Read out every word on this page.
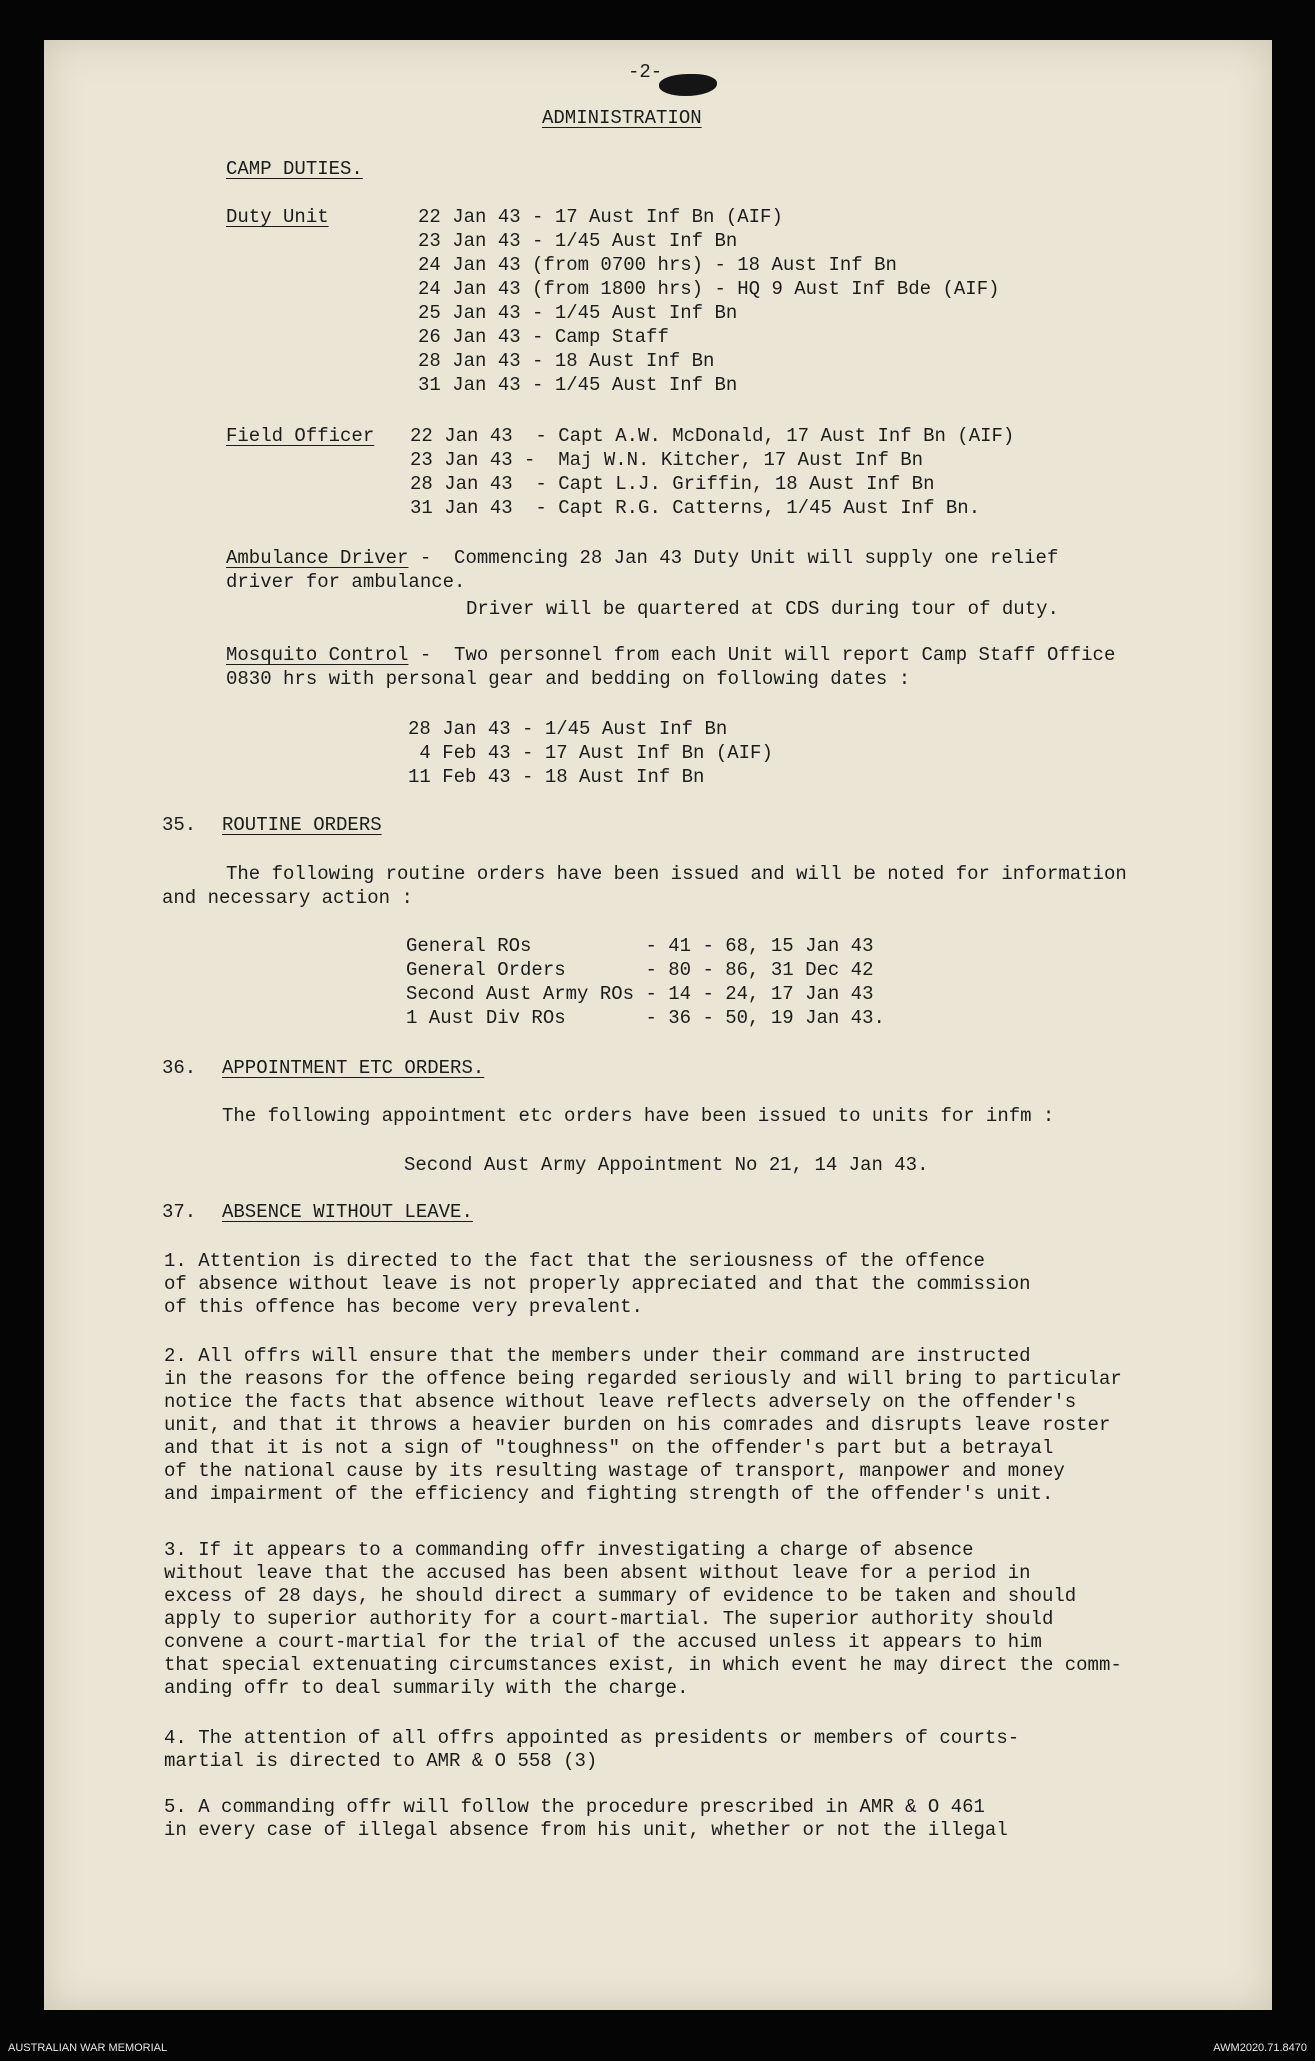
-2-
ADMINISTRATION
CAMP DUTIES.
Duty Unit	22 Jan 43 - 17 Aust Inf Bn (AIF)
23 Jan 43 - 1/45 Aust Inf Bn
24 Jan 43 (from 0700 hrs) - 18 Aust Inf Bn
24 Jan 43 (from 1800 hrs) - HQ 9 Aust Inf Bde (AIF)
25 Jan 43 - 1/45 Aust Inf Bn
26 Jan 43 - Camp Staff
28 Jan 43 - 18 Aust Inf Bn
31 Jan 43 - 1/45 Aust Inf Bn
Field Officer 22 Jan 43  - Capt A.W. McDonald, 17 Aust Inf Bn (AIF)
23 Jan 43 -  Maj W.N. Kitcher, 17 Aust Inf Bn
28 Jan 43  - Capt L.J. Griffin, 18 Aust Inf Bn
31 Jan 43  - Capt R.G. Catterns, 1/45 Aust Inf Bn.
Ambulance Driver -  Commencing 28 Jan 43 Duty Unit will supply one relief
driver for ambulance.
Driver will be quartered at CDS during tour of duty.
Mosquito Control -  Two personnel from each Unit will report Camp Staff Office
0830 hrs with personal gear and bedding on following dates :
28 Jan 43 - 1/45 Aust Inf Bn
4 Feb 43 - 17 Aust Inf Bn (AIF)
11 Feb 43 - 18 Aust Inf Bn
35. ROUTINE ORDERS
The following routine orders have been issued and will be noted for information
and necessary action :
General ROs          - 41 - 68, 15 Jan 43
General Orders       - 80 - 86, 31 Dec 42
Second Aust Army ROs - 14 - 24, 17 Jan 43
1 Aust Div ROs       - 36 - 50, 19 Jan 43.
36. APPOINTMENT ETC ORDERS.
The following appointment etc orders have been issued to units for infm :
Second Aust Army Appointment No 21, 14 Jan 43.
37. ABSENCE WITHOUT LEAVE.
1. Attention is directed to the fact that the seriousness of the offence
of absence without leave is not properly appreciated and that the commission
of this offence has become very prevalent.
2. All offrs will ensure that the members under their command are instructed
in the reasons for the offence being regarded seriously and will bring to particular
notice the facts that absence without leave reflects adversely on the offender's
unit, and that it throws a heavier burden on his comrades and disrupts leave roster
and that it is not a sign of "toughness" on the offender's part but a betrayal
of the national cause by its resulting wastage of transport, manpower and money
and impairment of the efficiency and fighting strength of the offender's unit.
3. If it appears to a commanding offr investigating a charge of absence
without leave that the accused has been absent without leave for a period in
excess of 28 days, he should direct a summary of evidence to be taken and should
apply to superior authority for a court-martial. The superior authority should
convene a court-martial for the trial of the accused unless it appears to him
that special extenuating circumstances exist, in which event he may direct the comm-
anding offr to deal summarily with the charge.
4. The attention of all offrs appointed as presidents or members of courts-
martial is directed to AMR & O 558 (3)
5. A commanding offr will follow the procedure prescribed in AMR & O 461
in every case of illegal absence from his unit, whether or not the illegal
AUSTRALIAN WAR MEMORIAL	AWM2020.71.8470
